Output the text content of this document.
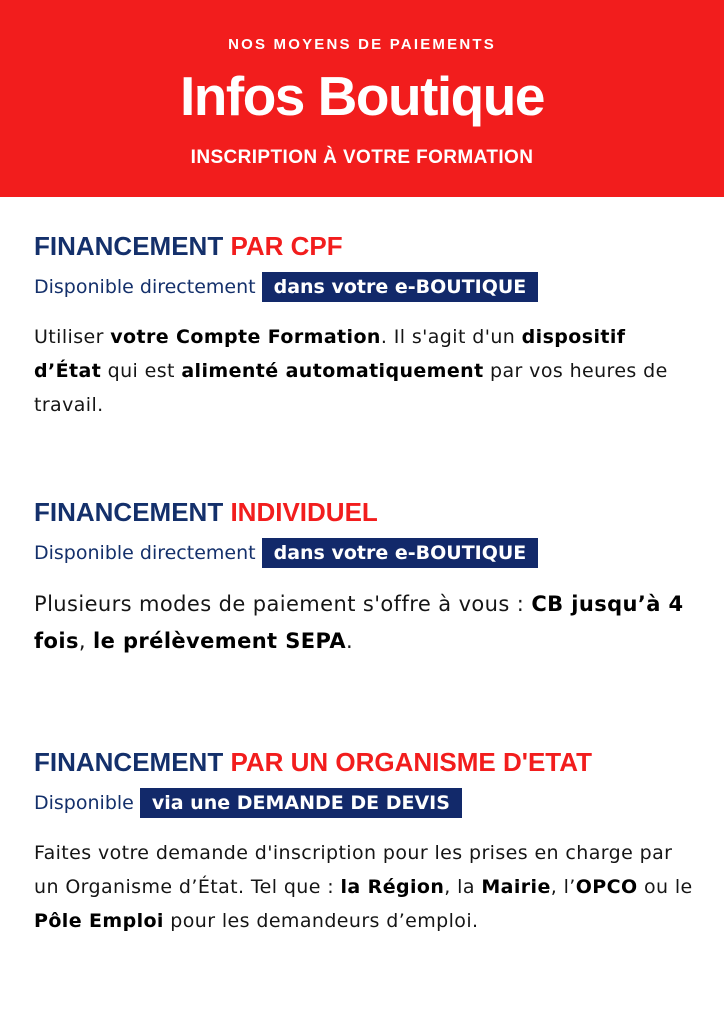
NOS MOYENS DE PAIEMENTS
Infos Boutique
INSCRIPTION À VOTRE FORMATION
FINANCEMENT PAR CPF
Disponible directement dans votre e-BOUTIQUE
Utiliser votre Compte Formation. Il s'agit d'un dispositif d’État qui est alimenté automatiquement par vos heures de travail.
FINANCEMENT INDIVIDUEL
Disponible directement dans votre e-BOUTIQUE
Plusieurs modes de paiement s'offre à vous : CB jusqu’à 4 fois, le prélèvement SEPA.
FINANCEMENT PAR UN ORGANISME D'ETAT
Disponible via une DEMANDE DE DEVIS
Faites votre demande d'inscription pour les prises en charge par un Organisme d’État. Tel que : la Région, la Mairie, l’OPCO ou le Pôle Emploi pour les demandeurs d’emploi.
